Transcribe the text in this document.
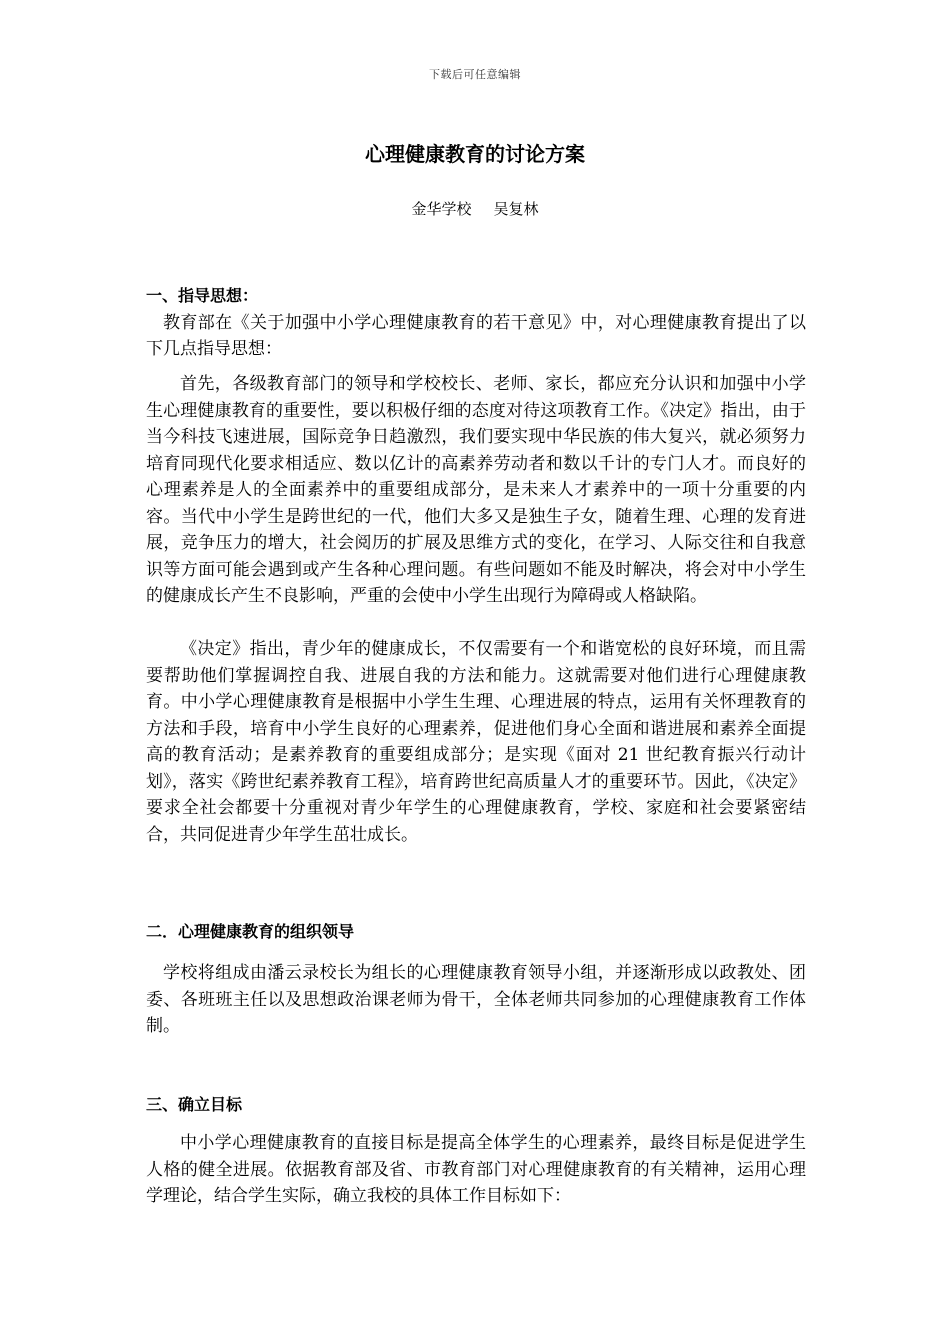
下载后可任意编辑
心理健康教育的讨论方案
金华学校 吴复林
一、指导思想：

教育部在《关于加强中小学心理健康教育的若干意见》中，对心理健康教育提出了以下几点指导思想：

首先，各级教育部门的领导和学校校长、老师、家长，都应充分认识和加强中小学生心理健康教育的重要性，要以积极仔细的态度对待这项教育工作。《决定》指出，由于当今科技飞速进展，国际竞争日趋激烈，我们要实现中华民族的伟大复兴，就必须努力培育同现代化要求相适应、数以亿计的高素养劳动者和数以千计的专门人才。而良好的心理素养是人的全面素养中的重要组成部分，是未来人才素养中的一项十分重要的内容。当代中小学生是跨世纪的一代，他们大多又是独生子女，随着生理、心理的发育进展，竞争压力的增大，社会阅历的扩展及思维方式的变化，在学习、人际交往和自我意识等方面可能会遇到或产生各种心理问题。有些问题如不能及时解决，将会对中小学生的健康成长产生不良影响，严重的会使中小学生出现行为障碍或人格缺陷。

《决定》指出，青少年的健康成长，不仅需要有一个和谐宽松的良好环境，而且需要帮助他们掌握调控自我、进展自我的方法和能力。这就需要对他们进行心理健康教育。中小学心理健康教育是根据中小学生生理、心理进展的特点，运用有关怀理教育的方法和手段，培育中小学生良好的心理素养，促进他们身心全面和谐进展和素养全面提高的教育活动；是素养教育的重要组成部分；是实现《面对 21 世纪教育振兴行动计划》，落实《跨世纪素养教育工程》，培育跨世纪高质量人才的重要环节。因此，《决定》要求全社会都要十分重视对青少年学生的心理健康教育，学校、家庭和社会要紧密结合，共同促进青少年学生茁壮成长。

二．心理健康教育的组织领导

学校将组成由潘云录校长为组长的心理健康教育领导小组，并逐渐形成以政教处、团委、各班班主任以及思想政治课老师为骨干，全体老师共同参加的心理健康教育工作体制。

三、确立目标

中小学心理健康教育的直接目标是提高全体学生的心理素养，最终目标是促进学生人格的健全进展。依据教育部及省、市教育部门对心理健康教育的有关精神，运用心理学理论，结合学生实际，确立我校的具体工作目标如下：
